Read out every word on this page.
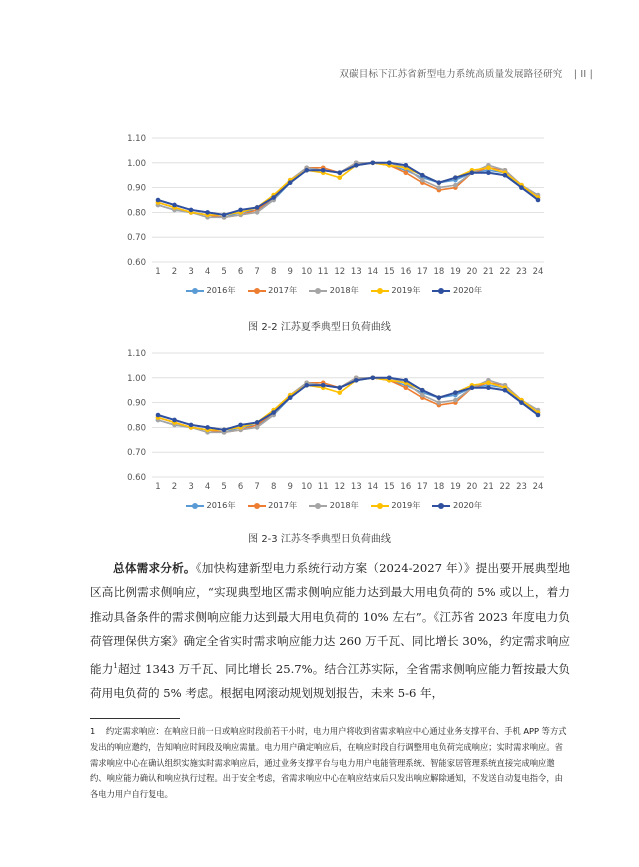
双碳目标下江苏省新型电力系统高质量发展路径研究 | II |
0.60
0.70
0.80
0.90
1.00
1.10
1 2 3 4 5 6 7 8 9 10 11 12 13 14 15 16 17 18 19 20 21 22 23 24
2016年	2017年	2018年	2019年	2020年
图 2-2 江苏夏季典型日负荷曲线
0.60
0.70
0.80
0.90
1.00
1.10
1 2 3 4 5 6 7 8 9 10 11 12 13 14 15 16 17 18 19 20 21 22 23 24
2016年	2017年	2018年	2019年	2020年
图 2-3 江苏冬季典型日负荷曲线

总体需求分析。《加快构建新型电力系统行动方案（2024-2027 年）》提出要开展典型地区高比例需求侧响应，“实现典型地区需求侧响应能力达到最大用电负荷的 5% 或以上，着力推动具备条件的需求侧响应能力达到最大用电负荷的 10% 左右”。《江苏省 2023 年度电力负荷管理保供方案》确定全省实时需求响应能力达 260 万千瓦、同比增长 30%，约定需求响应能力$^1$超过 1343 万千瓦、同比增长 25.7%。结合江苏实际，全省需求侧响应能力暂按最大负荷用电负荷的 5% 考虑。根据电网滚动规划规划报告，未来 5-6 年，

1 约定需求响应：在响应日前一日或响应时段前若干小时，电力用户将收到省需求响应中心通过业务支撑平台、手机 APP 等方式发出的响应邀约，告知响应时间段及响应需量。电力用户确定响应后，在响应时段自行调整用电负荷完成响应；实时需求响应。省需求响应中心在确认组织实施实时需求响应后，通过业务支撑平台与电力用户电能管理系统、智能家居管理系统直接完成响应邀约、响应能力确认和响应执行过程。出于安全考虑，省需求响应中心在响应结束后只发出响应解除通知，不发送自动复电指令，由各电力用户自行复电。
